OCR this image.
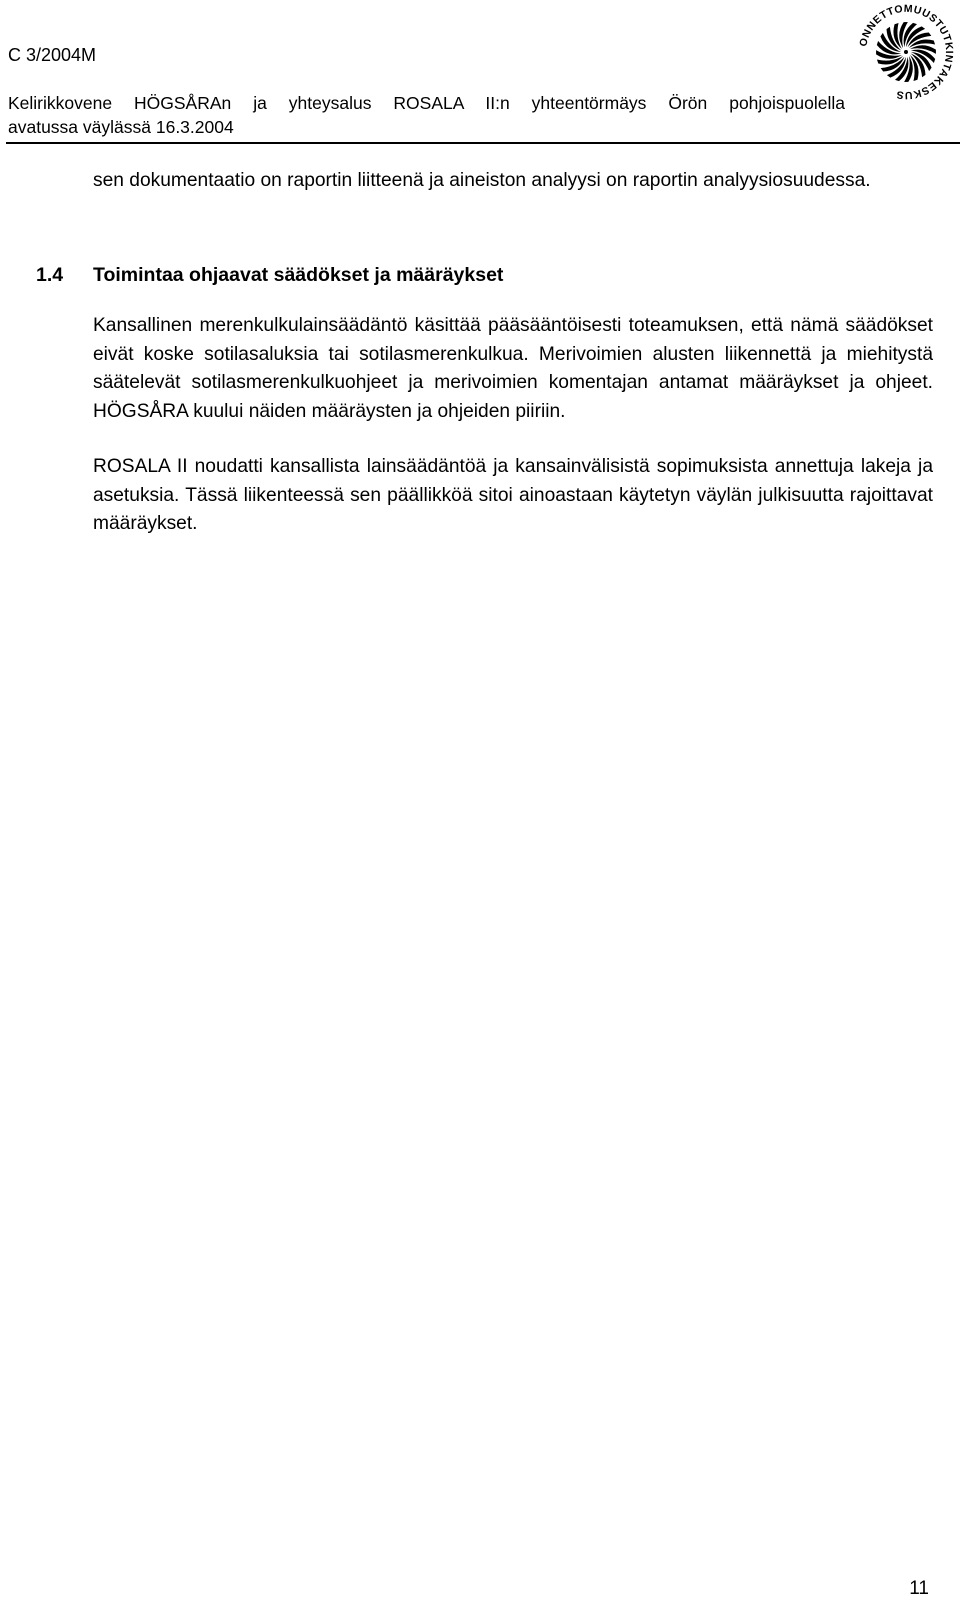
C 3/2004M

Kelirikkovene HÖGSÅRAn ja yhteysalus ROSALA II:n yhteentörmäys Örön pohjoispuolella

avatussa väylässä 16.3.2004

ONNETTOMUUSTUTKINTAKESKUS

sen dokumentaatio on raportin liitteenä ja aineiston analyysi on raportin analyysiosuudessa.

1.4 Toimintaa ohjaavat säädökset ja määräykset

Kansallinen merenkulkulainsäädäntö käsittää pääsääntöisesti toteamuksen, että nämä säädökset eivät koske sotilasaluksia tai sotilasmerenkulkua. Merivoimien alusten liikennettä ja miehitystä säätelevät sotilasmerenkulkuohjeet ja merivoimien komentajan antamat määräykset ja ohjeet. HÖGSÅRA kuului näiden määräysten ja ohjeiden piiriin.

ROSALA II noudatti kansallista lainsäädäntöä ja kansainvälisistä sopimuksista annettuja lakeja ja asetuksia. Tässä liikenteessä sen päällikköä sitoi ainoastaan käytetyn väylän julkisuutta rajoittavat määräykset.

11
